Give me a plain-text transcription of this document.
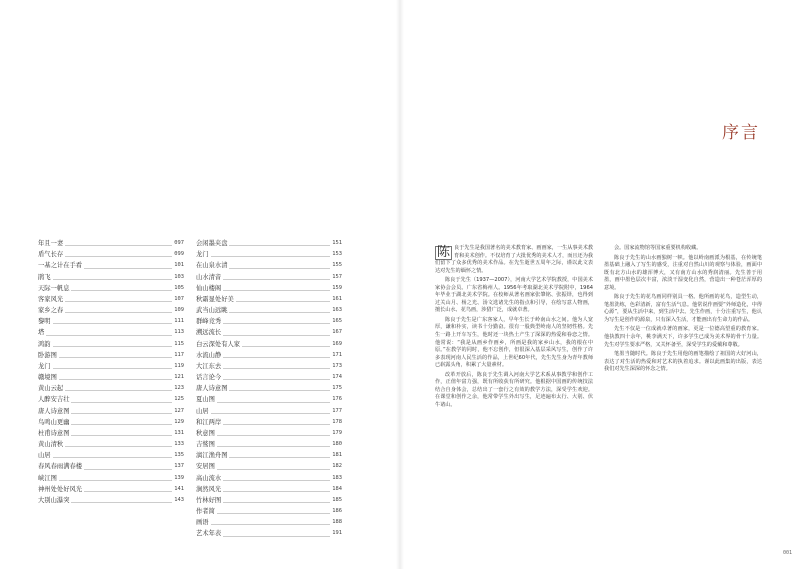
年且一妻	097
盾气长存	099
一基之计在手看	101
鹃飞	103
天际一帆息	105
客家风光	107
家乡之春	109
黎明	111
塔	113
鸿韵	115
卧游图	117
龙门	119
赣境图	121
黄山云起	123
人醉安吉壮	125
唐人诗意图	127
鸟鸣山更幽	129
杜甫诗意图	131
黄山清秋	133
山居	135
春风春雨满春楼	137
峡江图	139
神州处处好风光	141
大别山瀑突	143
会闲墨夹盘	151
龙门	153
在山泉水清	155
山水清音	157
仙山楼阁	159
秋霜显处好美	161
武当山远眺	163
群峰竞秀	165
溯远流长	167
白云深处有人家	169
水流山静	171
大江东去	173
话言论今	174
唐人诗意图	175
夏山图	176
山居	177
和江两岸	178
秋意图	179
吉鹫图	180
漓江渔舟图	181
安居图	182
高山流水	183
涧然风光	184
竹林好图	185
作者简	186
画语	188
艺术年表	191
序言

陈 良于先生是我国著名的美术教育家、画画家，一生从事美术教育和美术创作。不仅培育了大批优秀的美术人才，而且还为我们留下了众多优秀的美术作品。在先生逝世五周年之际，谨以此文表达对先生的缅怀之情。

陈良于先生（1937—2007），河南大学艺术学院教授，中国美术家协会会员。广东省梅州人。1956年考取湖北美术学院附中，1964年毕业于湖北美术学院。在校师从著名画家张肇铭、张振铎，也得到过关山月、杨之光、汤文选诸先生的指点和引导，在绘写意人物画，擅长山水、花鸟画，涉猎广泛，成就卓著。

陈良于先生是广东客家人，早年生长于岭南山水之间。他为人宽厚，谦和朴实，读书十分勤奋。很有一股典型岭南人的坚韧性格。先生一路上开车写生，他时还一块热土产生了深深的热爱和眷恋之情。他常说：“我是从画乡作画乡，所画是我的家乡山水，我的根在中原。”在教学的同时，他不忘创作，但很深入基层采风写生，创作了许多表现河南人民生活的作品，上世纪60年代，先生先生身为青年教师已崭露头角，积累了大量素材。

改革开放后，陈良于先生调入河南大学艺术系从事教学和创作工作，正值年富力强，既有所收获有所研究。他根据中国画的传统技法结合自身体会，总结出了一套行之有效的教学方法，深受学生欢迎。在课堂和创作之余，他常带学生外出写生，足迹遍布太行、大别、伏牛诸山。

会。国家流物馆等国家重要机构收藏。

陈良于先生的山水画独树一帜。他以岭南画派为根基，在传统笔墨基础上融入了写生的感受，注重对自然山川的观察与体验，画面中既有北方山水的雄浑博大，又有南方山水的秀润清丽。先生善于用墨，画中墨色层次丰富，浓淡干湿变化自然，营造出一种苍茫浑厚的意境。

陈良于先生的花鸟画同样别具一格。他所画的花鸟，造型生动，笔墨洗练，色彩清新，富有生活气息。他常说作画要“外师造化，中得心源”，要从生活中来，到生活中去。先生作画，十分注重写生，他认为写生是创作的源泉，只有深入生活，才能画出有生命力的作品。

先生不仅是一位成就卓著的画家，更是一位德高望重的教育家。他执教四十余年，桃李满天下，许多学生已成为美术界的骨干力量。先生对学生要求严格，又关怀备至，深受学生的爱戴和尊敬。

笔墨当随时代。陈良于先生用他的画笔描绘了祖国的大好河山，表达了对生活的热爱和对艺术的执着追求。谨以此画集的出版，表达我们对先生深深的怀念之情。

001
